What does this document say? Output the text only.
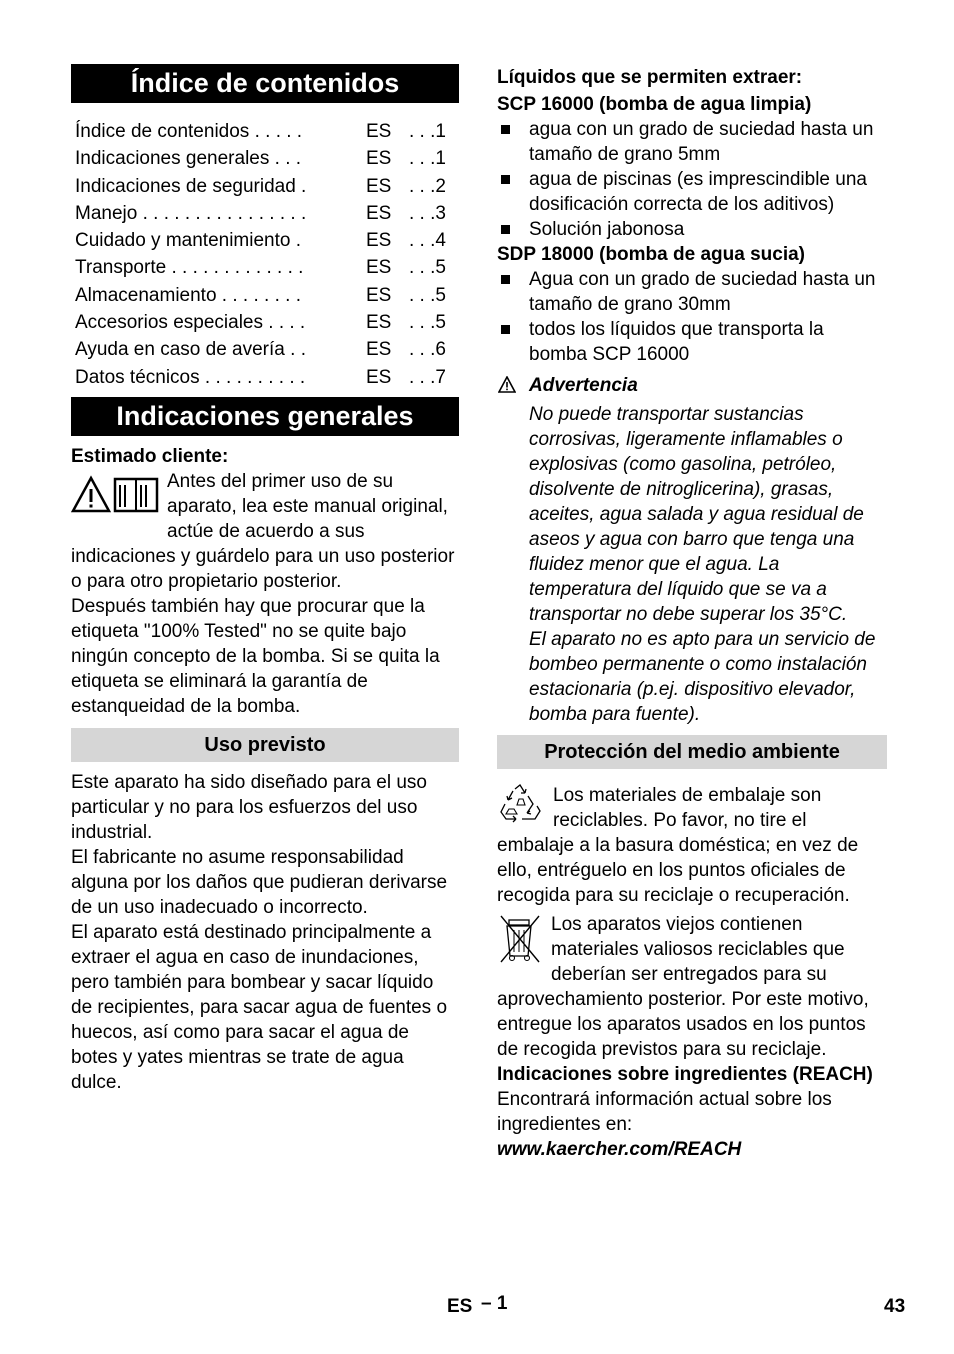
Índice de contenidos
Índice de contenidos . . . . .	ES . . .1
Indicaciones generales . . .	ES . . .1
Indicaciones de seguridad .	ES . . .2
Manejo . . . . . . . . . . . . . . . .	ES . . .3
Cuidado y mantenimiento .	ES . . .4
Transporte . . . . . . . . . . . . .	ES . . .5
Almacenamiento . . . . . . . .	ES . . .5
Accesorios especiales . . . .	ES . . .5
Ayuda en caso de avería . .	ES . . .6
Datos técnicos . . . . . . . . . .	ES . . .7
Indicaciones generales

Estimado cliente:

Antes del primer uso de su aparato, lea este manual original, actúe de acuerdo a sus indicaciones y guárdelo para un uso posterior o para otro propietario posterior.

Después también hay que procurar que la etiqueta "100% Tested" no se quite bajo ningún concepto de la bomba. Si se quita la etiqueta se eliminará la garantía de estanqueidad de la bomba.

Uso previsto

Este aparato ha sido diseñado para el uso particular y no para los esfuerzos del uso industrial.

El fabricante no asume responsabilidad alguna por los daños que pudieran derivarse de un uso inadecuado o incorrecto.

El aparato está destinado principalmente a extraer el agua en caso de inundaciones, pero también para bombear y sacar líquido de recipientes, para sacar agua de fuentes o huecos, así como para sacar el agua de botes y yates mientras se trate de agua dulce.

Líquidos que se permiten extraer:

SCP 16000 (bomba de agua limpia)

agua con un grado de suciedad hasta un tamaño de grano 5mm
agua de piscinas (es imprescindible una dosificación correcta de los aditivos)
Solución jabonosa

SDP 18000 (bomba de agua sucia)

Agua con un grado de suciedad hasta un tamaño de grano 30mm
todos los líquidos que transporta la bomba SCP 16000

Advertencia

No puede transportar sustancias corrosivas, ligeramente inflamables o explosivas (como gasolina, petróleo, disolvente de nitroglicerina), grasas, aceites, agua salada y agua residual de aseos y agua con barro que tenga una fluidez menor que el agua. La temperatura del líquido que se va a transportar no debe superar los 35°C.

El aparato no es apto para un servicio de bombeo permanente o como instalación estacionaria (p.ej. dispositivo elevador, bomba para fuente).

Protección del medio ambiente

Los materiales de embalaje son reciclables. Po favor, no tire el embalaje a la basura doméstica; en vez de ello, entréguelo en los puntos oficiales de recogida para su reciclaje o recuperación.

Los aparatos viejos contienen materiales valiosos reciclables que deberían ser entregados para su aprovechamiento posterior. Por este motivo, entregue los aparatos usados en los puntos de recogida previstos para su reciclaje.

Indicaciones sobre ingredientes (REACH)

Encontrará información actual sobre los ingredientes en:

www.kaercher.com/REACH

ES – 1	43
